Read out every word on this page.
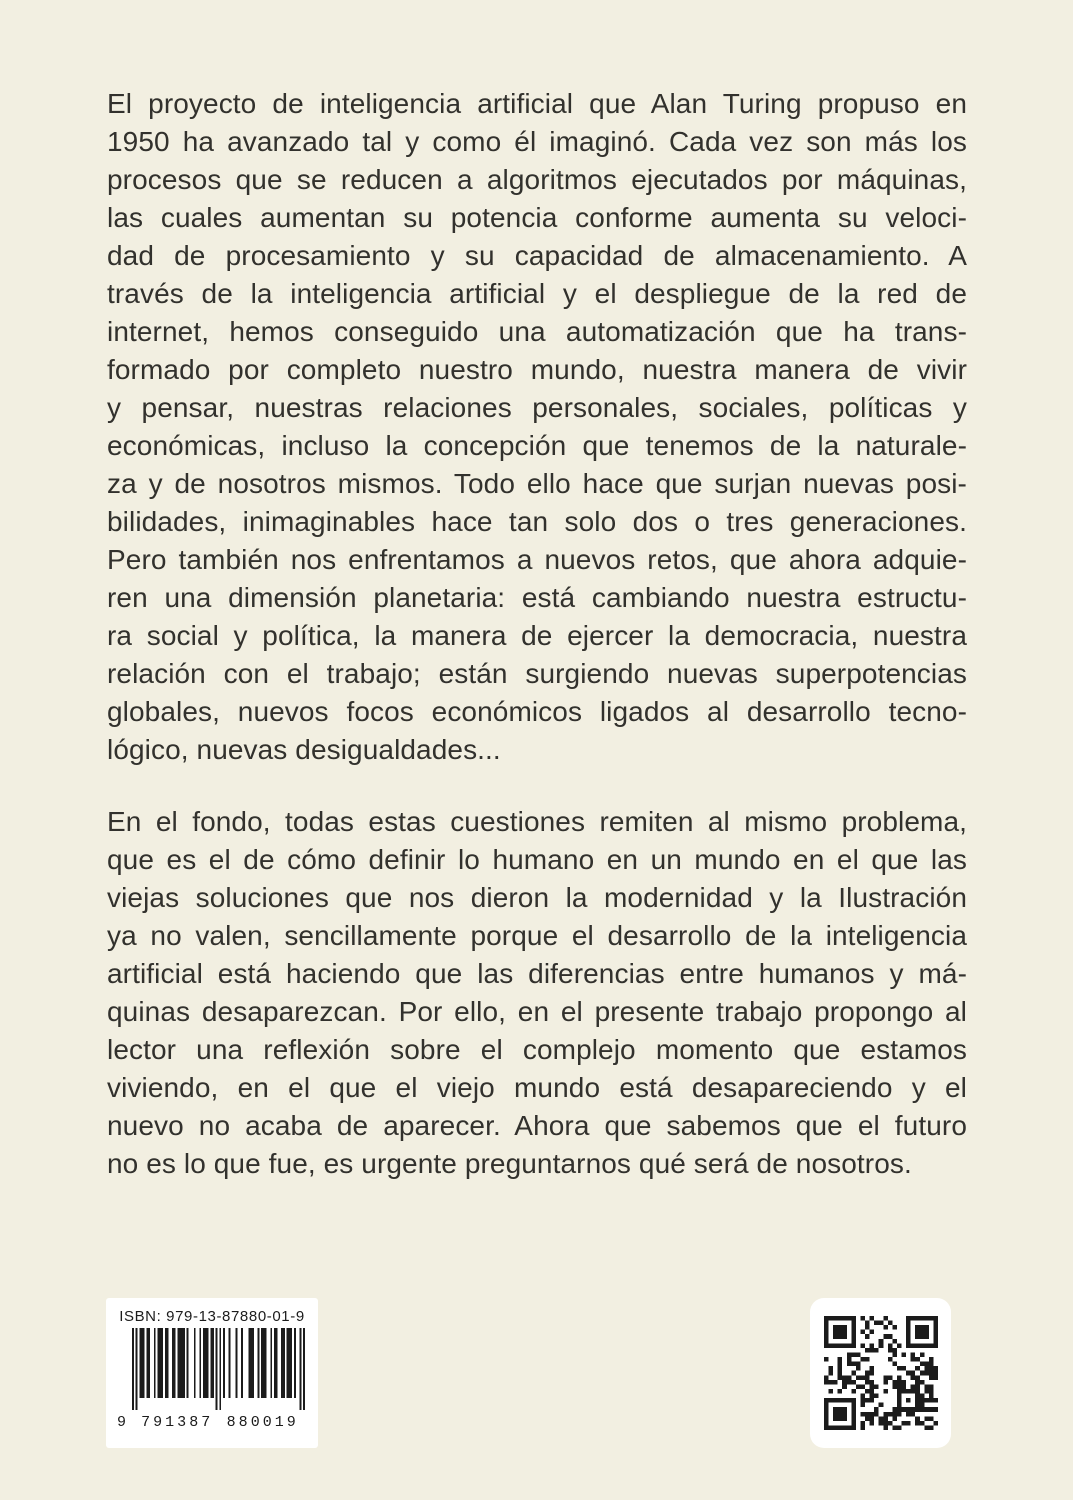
El proyecto de inteligencia artificial que Alan Turing propuso en
1950 ha avanzado tal y como él imaginó. Cada vez son más los
procesos que se reducen a algoritmos ejecutados por máquinas,
las cuales aumentan su potencia conforme aumenta su veloci-
dad de procesamiento y su capacidad de almacenamiento. A
través de la inteligencia artificial y el despliegue de la red de
internet, hemos conseguido una automatización que ha trans-
formado por completo nuestro mundo, nuestra manera de vivir
y pensar, nuestras relaciones personales, sociales, políticas y
económicas, incluso la concepción que tenemos de la naturale-
za y de nosotros mismos. Todo ello hace que surjan nuevas posi-
bilidades, inimaginables hace tan solo dos o tres generaciones.
Pero también nos enfrentamos a nuevos retos, que ahora adquie-
ren una dimensión planetaria: está cambiando nuestra estructu-
ra social y política, la manera de ejercer la democracia, nuestra
relación con el trabajo; están surgiendo nuevas superpotencias
globales, nuevos focos económicos ligados al desarrollo tecno-
lógico, nuevas desigualdades...
En el fondo, todas estas cuestiones remiten al mismo problema,
que es el de cómo definir lo humano en un mundo en el que las
viejas soluciones que nos dieron la modernidad y la Ilustración
ya no valen, sencillamente porque el desarrollo de la inteligencia
artificial está haciendo que las diferencias entre humanos y má-
quinas desaparezcan. Por ello, en el presente trabajo propongo al
lector una reflexión sobre el complejo momento que estamos
viviendo, en el que el viejo mundo está desapareciendo y el
nuevo no acaba de aparecer. Ahora que sabemos que el futuro
no es lo que fue, es urgente preguntarnos qué será de nosotros.
ISBN: 979-13-87880-01-9
9 791387 880019
